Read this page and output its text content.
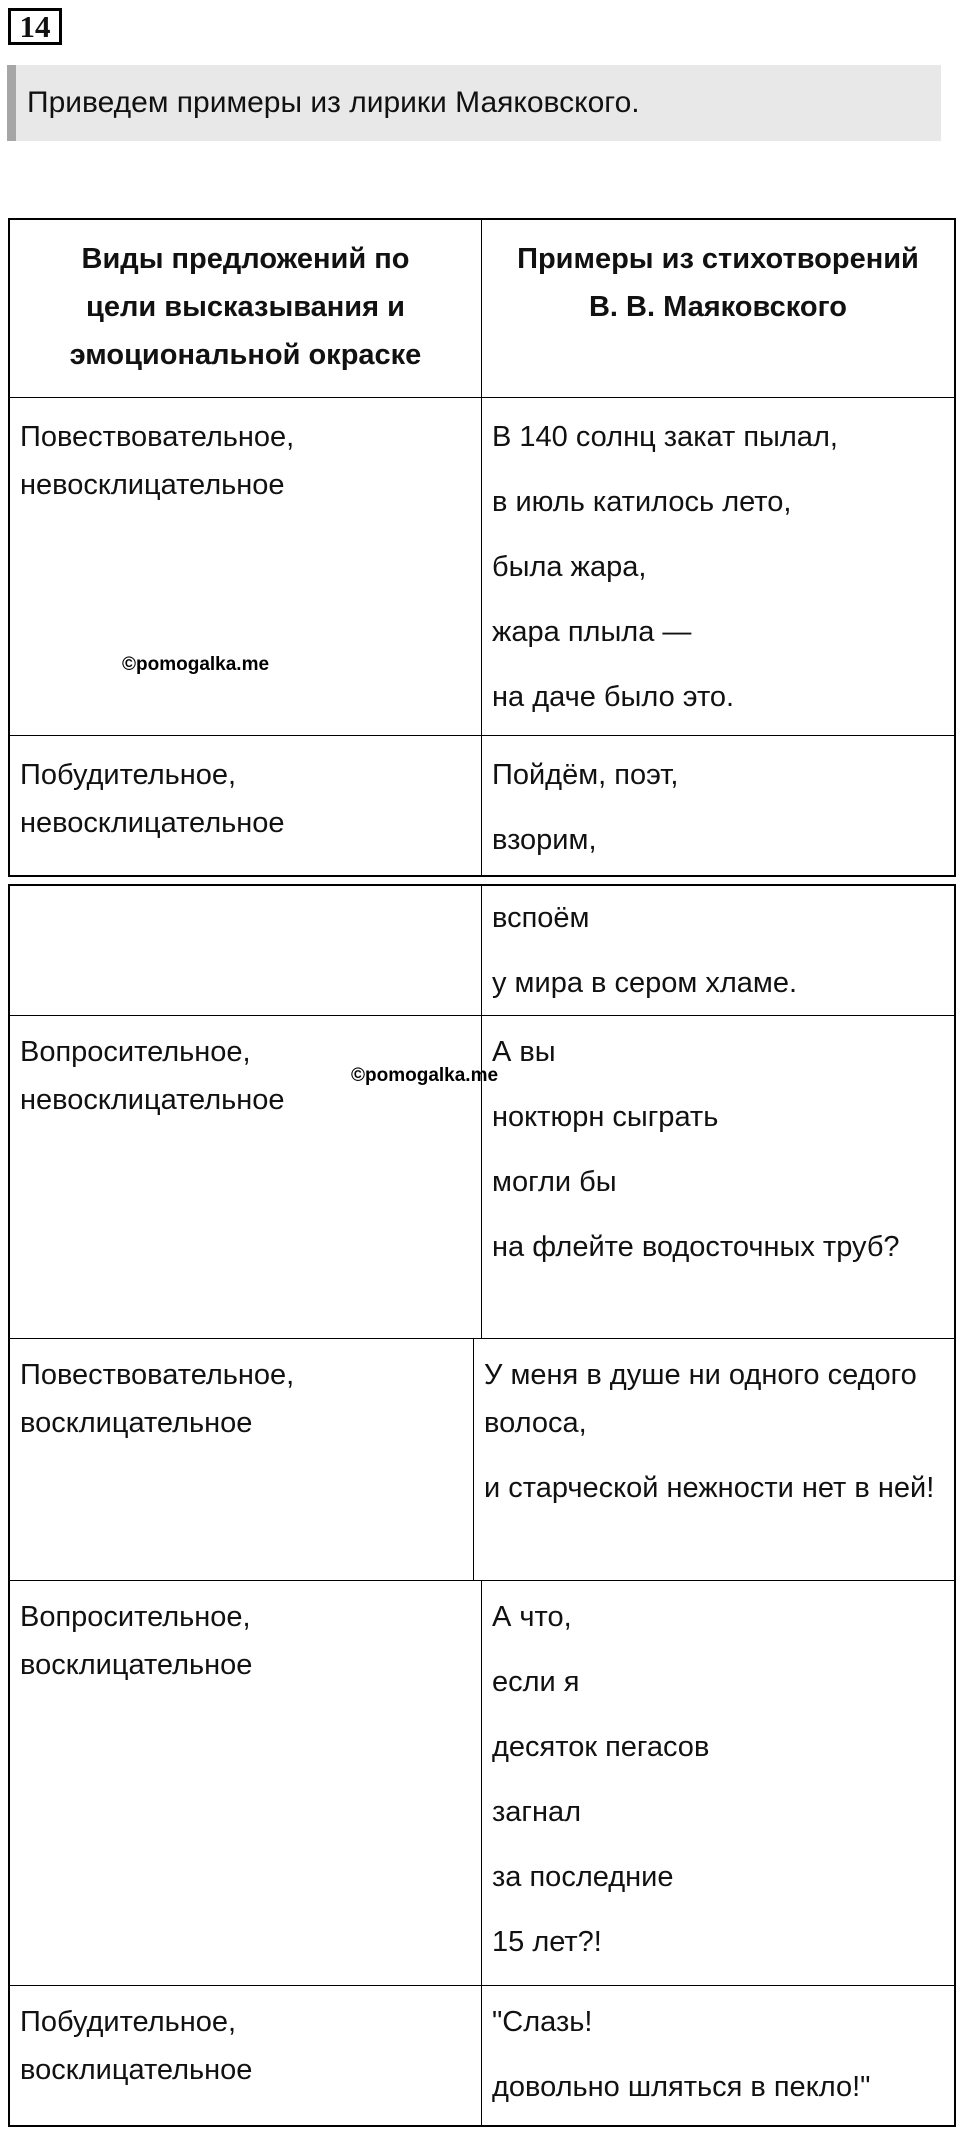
14
Приведем примеры из лирики Маяковского.
Виды предложений по
цели высказывания и
эмоциональной окраске
Примеры из стихотворений
В. В. Маяковского
Повествовательное,
невосклицательное
В 140 солнц закат пылал,
в июль катилось лето,
была жара,
жара плыла —
на даче было это.
©pomogalka.me
Побудительное,
невосклицательное
Пойдём, поэт,
взорим,
вспоём
у мира в сером хламе.
Вопросительное,
невосклицательное
А вы
ноктюрн сыграть
могли бы
на флейте водосточных труб?
©pomogalka.me
Повествовательное,
восклицательное
У меня в душе ни одного седого волоса,
и старческой нежности нет в ней!
Вопросительное,
восклицательное
А что,
если я
десяток пегасов
загнал
за последние
15 лет?!
Побудительное,
восклицательное
"Слазь!
довольно шляться в пекло!"
